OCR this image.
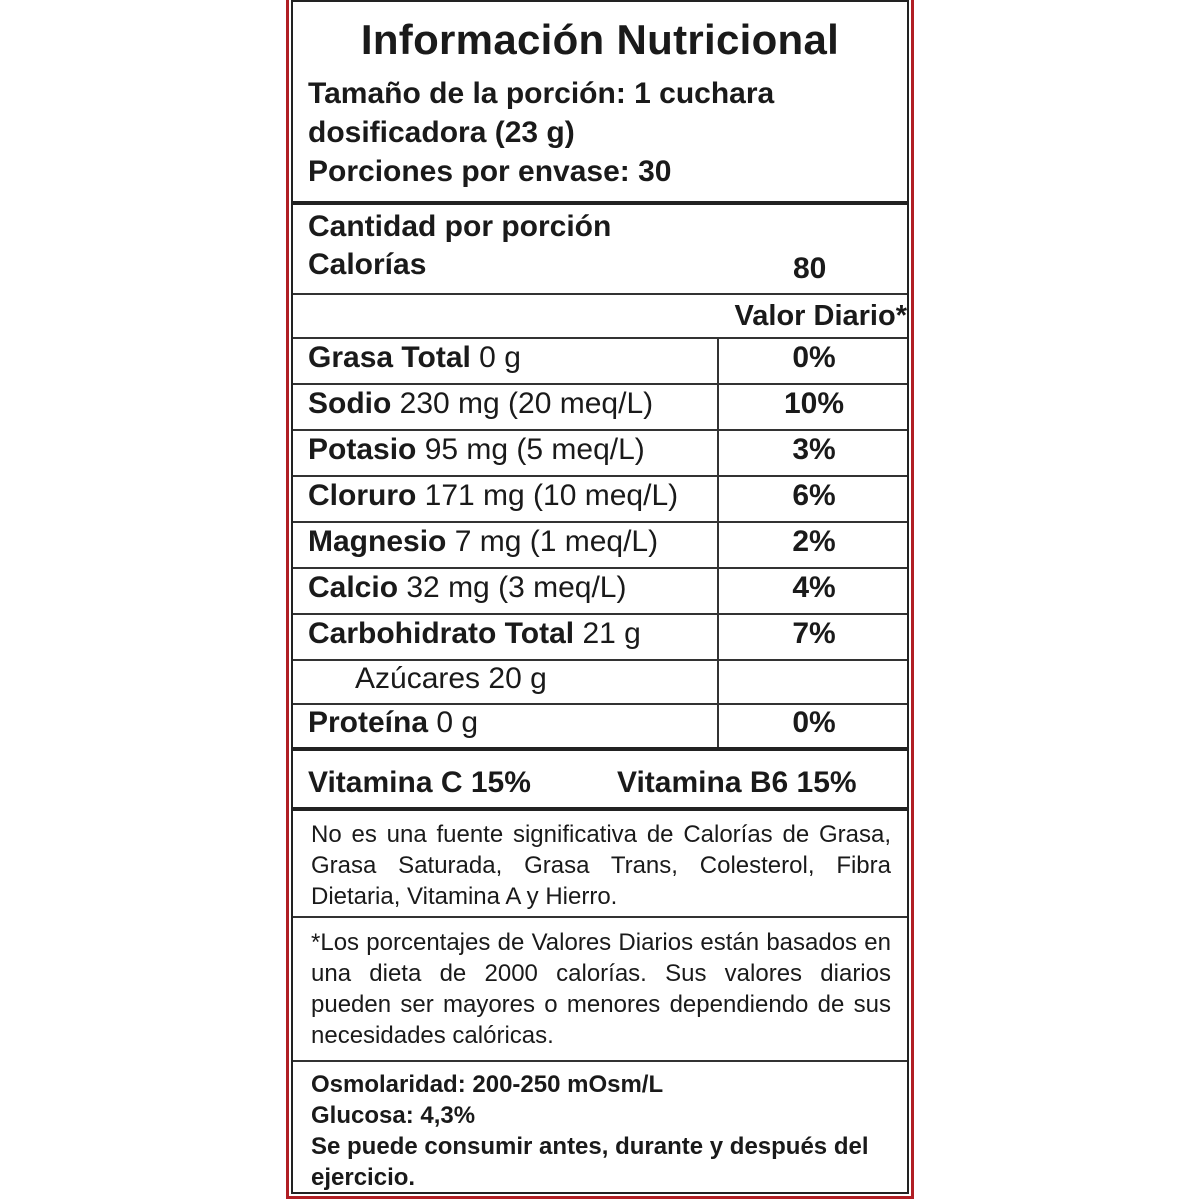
Información Nutricional
Tamaño de la porción: 1 cuchara
dosificadora (23 g)
Porciones por envase: 30
Cantidad por porción
Calorías	80
Valor Diario*
Grasa Total 0 g	0%
Sodio 230 mg (20 meq/L)	10%
Potasio 95 mg (5 meq/L)	3%
Cloruro 171 mg (10 meq/L)	6%
Magnesio 7 mg (1 meq/L)	2%
Calcio 32 mg (3 meq/L)	4%
Carbohidrato Total 21 g	7%
Azúcares 20 g
Proteína 0 g	0%
Vitamina C 15%	Vitamina B6 15%
No es una fuente significativa de Calorías de Grasa, Grasa Saturada, Grasa Trans, Colesterol, Fibra Dietaria, Vitamina A y Hierro.
*Los porcentajes de Valores Diarios están basados en una dieta de 2000 calorías. Sus valores diarios pueden ser mayores o menores dependiendo de sus necesidades calóricas.
Osmolaridad: 200-250 mOsm/L
Glucosa: 4,3%
Se puede consumir antes, durante y después del ejercicio.
